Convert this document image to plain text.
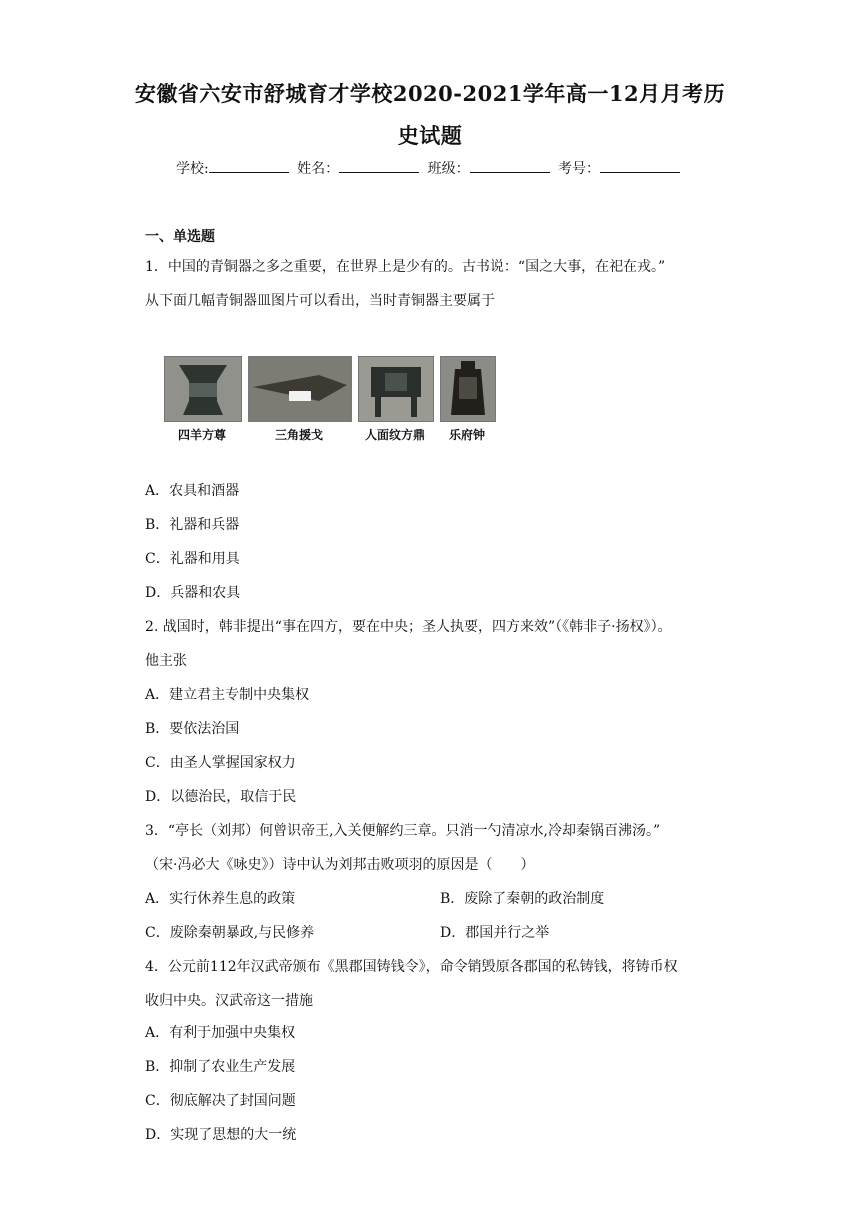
安徽省六安市舒城育才学校2020-2021学年高一12月月考历
史试题
学校:	姓名：	班级：	考号：
一、单选题
1．中国的青铜器之多之重要，在世界上是少有的。古书说：“国之大事，在祀在戎。”
从下面几幅青铜器皿图片可以看出，当时青铜器主要属于
四羊方尊	三角援戈	人面纹方鼎	乐府钟
A．农具和酒器
B．礼器和兵器
C．礼器和用具
D．兵器和农具
2. 战国时，韩非提出“事在四方，要在中央；圣人执要，四方来效”（《韩非子·扬权》）。
他主张
A．建立君主专制中央集权
B．要依法治国
C．由圣人掌握国家权力
D．以德治民，取信于民
3．“亭长（刘邦）何曾识帝王,入关便解约三章。只消一勺清凉水,冷却秦锅百沸汤。”
（宋·冯必大《咏史》）诗中认为刘邦击败项羽的原因是（　　）
A．实行休养生息的政策	B．废除了秦朝的政治制度
C．废除秦朝暴政,与民修养	D．郡国并行之举
4．公元前112年汉武帝颁布《黑郡国铸钱令》，命令销毁原各郡国的私铸钱，将铸币权
收归中央。汉武帝这一措施
A．有利于加强中央集权
B．抑制了农业生产发展
C．彻底解决了封国问题
D．实现了思想的大一统
